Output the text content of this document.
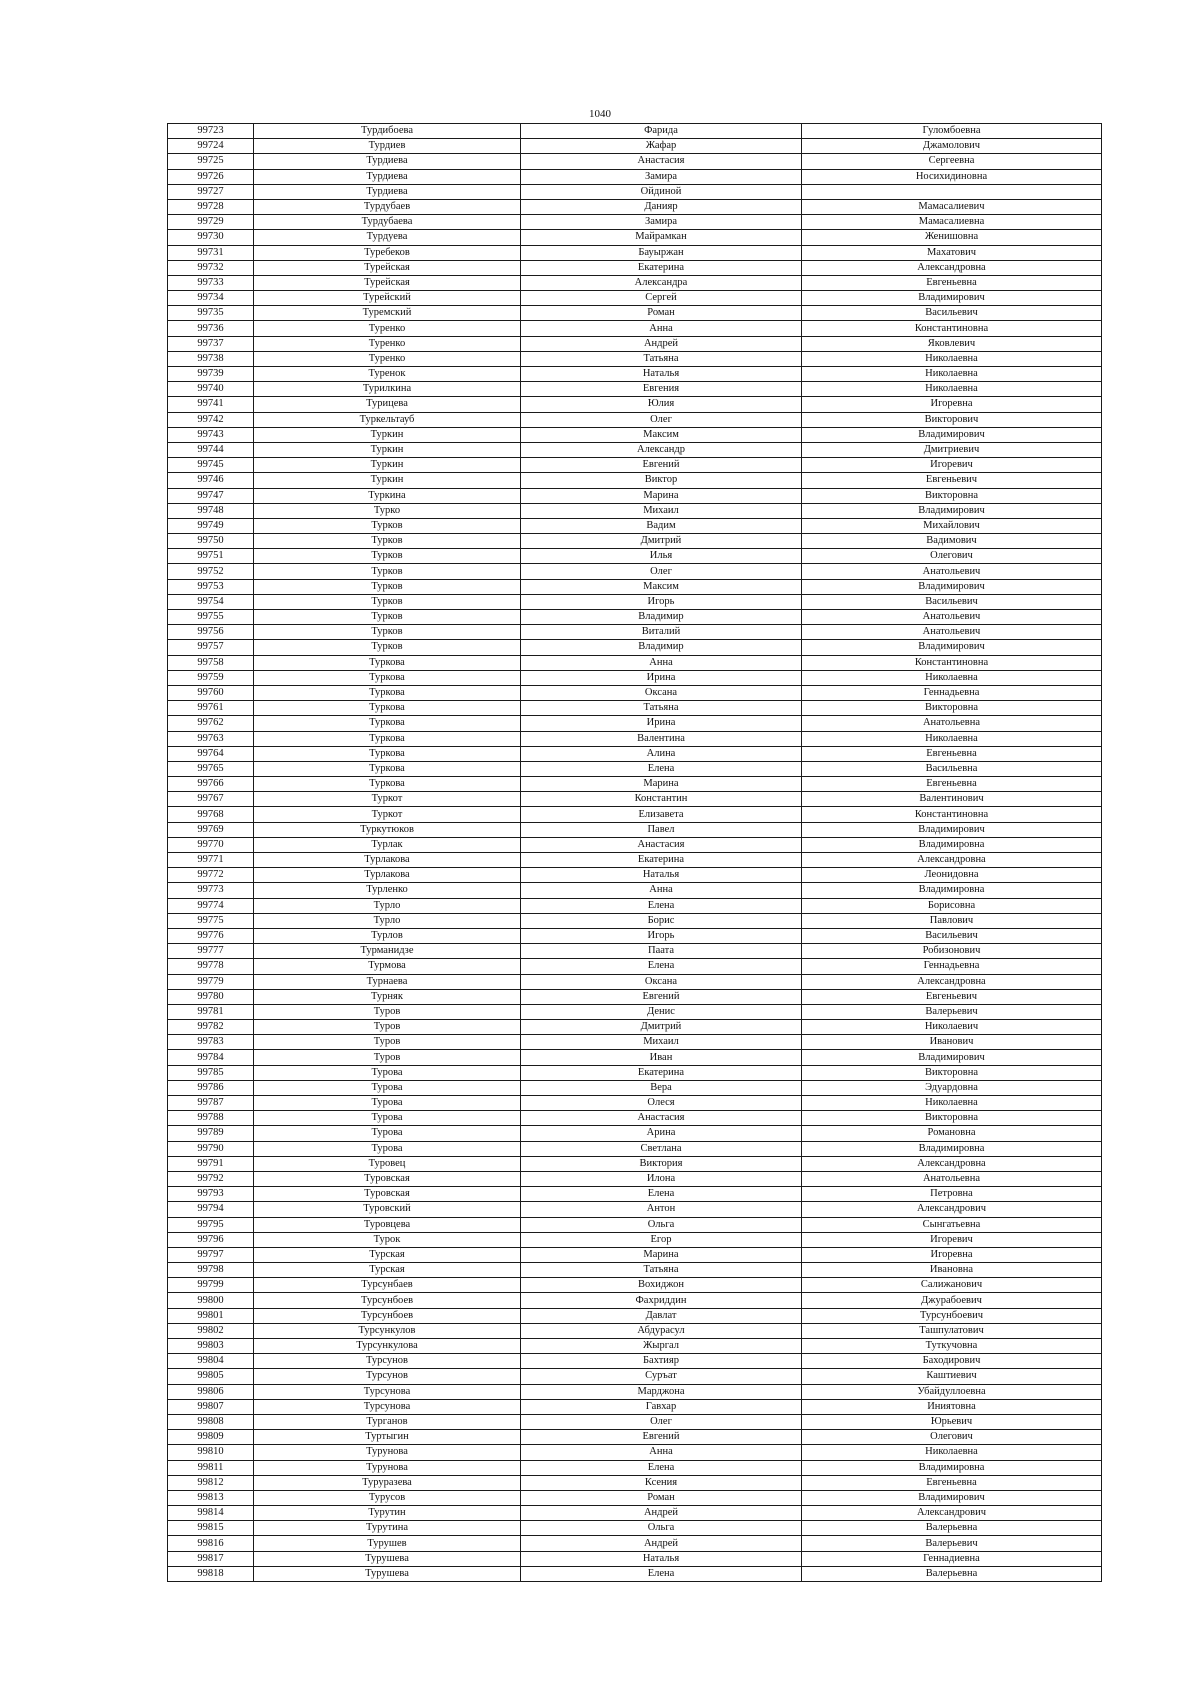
1040
99723	Турдибоева	Фарида	Гуломбоевна
99724	Турдиев	Жафар	Джамолович
99725	Турдиева	Анастасия	Сергеевна
99726	Турдиева	Замира	Носихидиновна
99727	Турдиева	Ойдиной	
99728	Турдубаев	Данияр	Мамасалиевич
99729	Турдубаева	Замира	Мамасалиевна
99730	Турдуева	Майрамкан	Женишовна
99731	Туребеков	Бауыржан	Махатович
99732	Турейская	Екатерина	Александровна
99733	Турейская	Александра	Евгеньевна
99734	Турейский	Сергей	Владимирович
99735	Туремский	Роман	Васильевич
99736	Туренко	Анна	Константиновна
99737	Туренко	Андрей	Яковлевич
99738	Туренко	Татьяна	Николаевна
99739	Туренок	Наталья	Николаевна
99740	Турилкина	Евгения	Николаевна
99741	Турицева	Юлия	Игоревна
99742	Туркельтауб	Олег	Викторович
99743	Туркин	Максим	Владимирович
99744	Туркин	Александр	Дмитриевич
99745	Туркин	Евгений	Игоревич
99746	Туркин	Виктор	Евгеньевич
99747	Туркина	Марина	Викторовна
99748	Турко	Михаил	Владимирович
99749	Турков	Вадим	Михайлович
99750	Турков	Дмитрий	Вадимович
99751	Турков	Илья	Олегович
99752	Турков	Олег	Анатольевич
99753	Турков	Максим	Владимирович
99754	Турков	Игорь	Васильевич
99755	Турков	Владимир	Анатольевич
99756	Турков	Виталий	Анатольевич
99757	Турков	Владимир	Владимирович
99758	Туркова	Анна	Константиновна
99759	Туркова	Ирина	Николаевна
99760	Туркова	Оксана	Геннадьевна
99761	Туркова	Татьяна	Викторовна
99762	Туркова	Ирина	Анатольевна
99763	Туркова	Валентина	Николаевна
99764	Туркова	Алина	Евгеньевна
99765	Туркова	Елена	Васильевна
99766	Туркова	Марина	Евгеньевна
99767	Туркот	Константин	Валентинович
99768	Туркот	Елизавета	Константиновна
99769	Туркутюков	Павел	Владимирович
99770	Турлак	Анастасия	Владимировна
99771	Турлакова	Екатерина	Александровна
99772	Турлакова	Наталья	Леонидовна
99773	Турленко	Анна	Владимировна
99774	Турло	Елена	Борисовна
99775	Турло	Борис	Павлович
99776	Турлов	Игорь	Васильевич
99777	Турманидзе	Паата	Робизонович
99778	Турмова	Елена	Геннадьевна
99779	Турнаева	Оксана	Александровна
99780	Турняк	Евгений	Евгеньевич
99781	Туров	Денис	Валерьевич
99782	Туров	Дмитрий	Николаевич
99783	Туров	Михаил	Иванович
99784	Туров	Иван	Владимирович
99785	Турова	Екатерина	Викторовна
99786	Турова	Вера	Эдуардовна
99787	Турова	Олеся	Николаевна
99788	Турова	Анастасия	Викторовна
99789	Турова	Арина	Романовна
99790	Турова	Светлана	Владимировна
99791	Туровец	Виктория	Александровна
99792	Туровская	Илона	Анатольевна
99793	Туровская	Елена	Петровна
99794	Туровский	Антон	Александрович
99795	Туровцева	Ольга	Сынгатьевна
99796	Турок	Егор	Игоревич
99797	Турская	Марина	Игоревна
99798	Турская	Татьяна	Ивановна
99799	Турсунбаев	Вохиджон	Салижанович
99800	Турсунбоев	Фахриддин	Джурабоевич
99801	Турсунбоев	Давлат	Турсунбоевич
99802	Турсункулов	Абдурасул	Ташпулатович
99803	Турсункулова	Жыргал	Туткучовна
99804	Турсунов	Бахтияр	Баходирович
99805	Турсунов	Суръат	Каштиевич
99806	Турсунова	Марджона	Убайдуллоевна
99807	Турсунова	Гавхар	Иниятовна
99808	Турганов	Олег	Юрьевич
99809	Туртыгин	Евгений	Олегович
99810	Турунова	Анна	Николаевна
99811	Турунова	Елена	Владимировна
99812	Туруразева	Ксения	Евгеньевна
99813	Турусов	Роман	Владимирович
99814	Турутин	Андрей	Александрович
99815	Турутина	Ольга	Валерьевна
99816	Турушев	Андрей	Валерьевич
99817	Турушева	Наталья	Геннадиевна
99818	Турушева	Елена	Валерьевна
